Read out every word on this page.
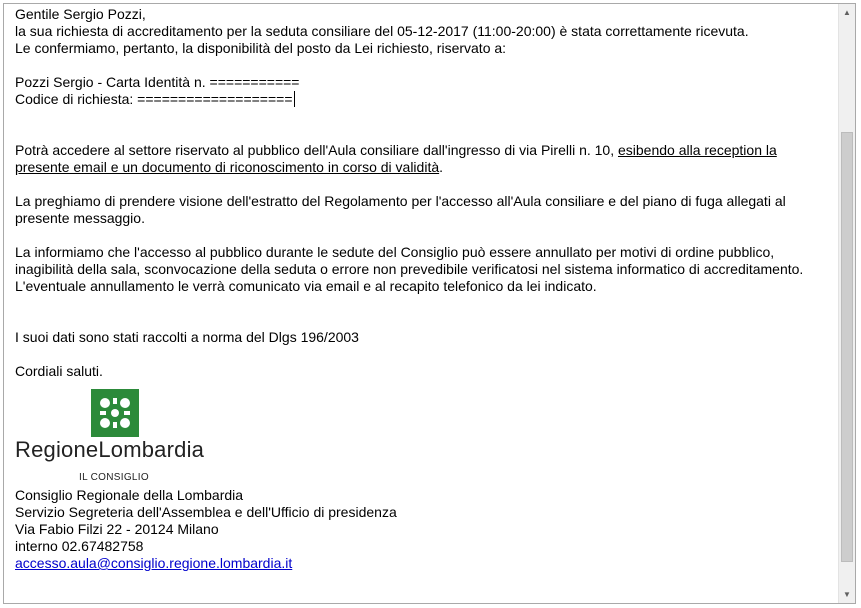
Gentile Sergio Pozzi,

la sua richiesta di accreditamento per la seduta consiliare del 05-12-2017 (11:00-20:00) è stata correttamente ricevuta.

Le confermiamo, pertanto, la disponibilità del posto da Lei richiesto, riservato a:

Pozzi Sergio - Carta Identità n. ===========

Codice di richiesta: ===================

Potrà accedere al settore riservato al pubblico dell'Aula consiliare dall'ingresso di via Pirelli n. 10, esibendo alla reception la presente email e un documento di riconoscimento in corso di validità.

La preghiamo di prendere visione dell'estratto del Regolamento per l'accesso all'Aula consiliare e del piano di fuga allegati al presente messaggio.

La informiamo che l'accesso al pubblico durante le sedute del Consiglio può essere annullato per motivi di ordine pubblico, inagibilità della sala, sconvocazione della seduta o errore non prevedibile verificatosi nel sistema informatico di accreditamento.

L'eventuale annullamento le verrà comunicato via email e al recapito telefonico da lei indicato.

I suoi dati sono stati raccolti a norma del Dlgs 196/2003

Cordiali saluti.

RegioneLombardia
IL CONSIGLIO

Consiglio Regionale della Lombardia

Servizio Segreteria dell'Assemblea e dell'Ufficio di presidenza

Via Fabio Filzi 22 - 20124 Milano

interno 02.67482758

accesso.aula@consiglio.regione.lombardia.it

▲
▼
